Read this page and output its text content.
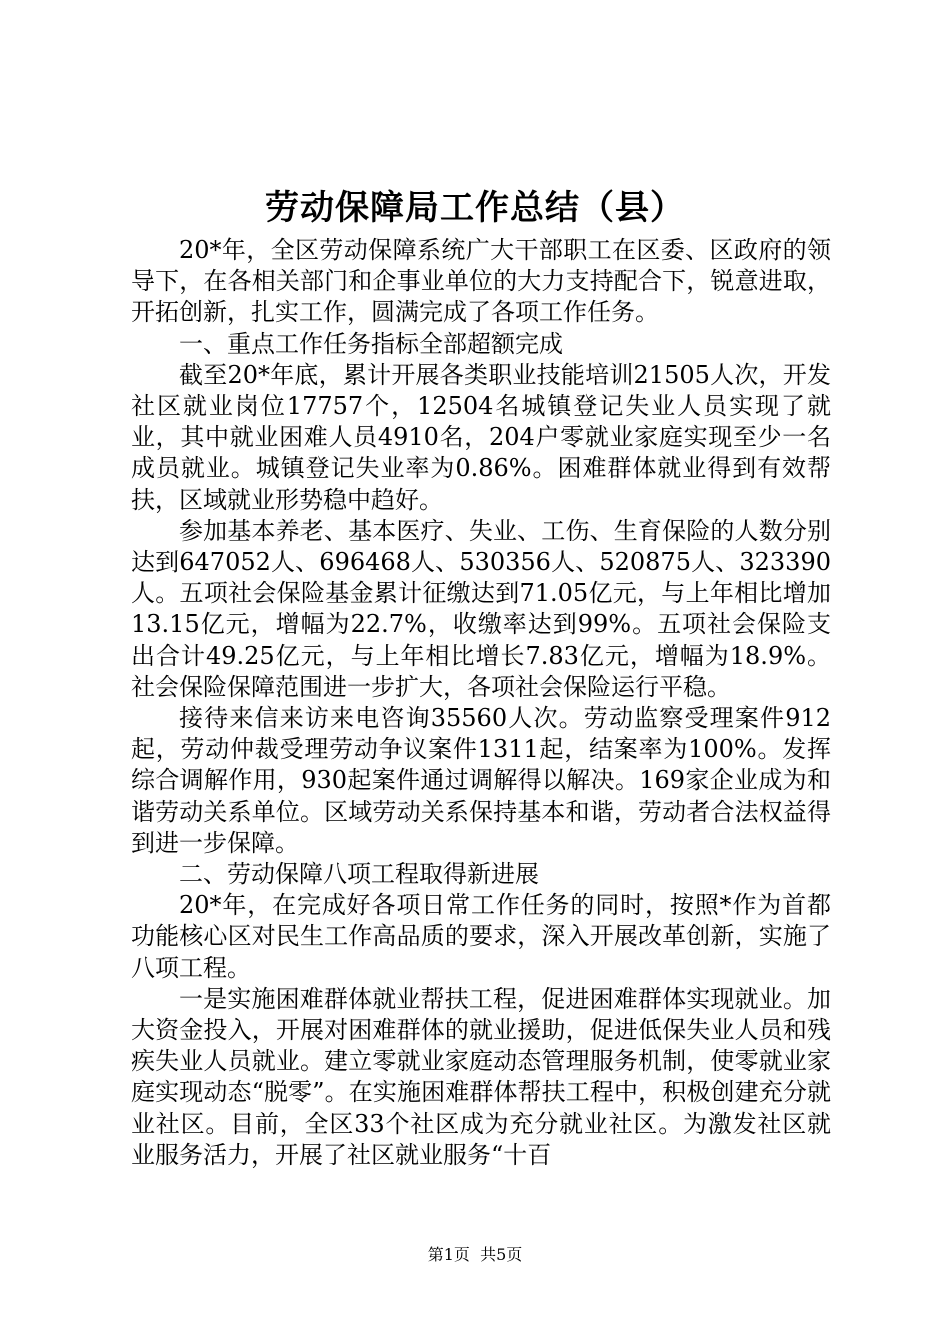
劳动保障局工作总结（县）

20*年，全区劳动保障系统广大干部职工在区委、区政府的领导下，在各相关部门和企事业单位的大力支持配合下，锐意进取，开拓创新，扎实工作，圆满完成了各项工作任务。

一、重点工作任务指标全部超额完成

截至20*年底，累计开展各类职业技能培训21505人次，开发社区就业岗位17757个，12504名城镇登记失业人员实现了就业，其中就业困难人员4910名，204户零就业家庭实现至少一名成员就业。城镇登记失业率为0.86%。困难群体就业得到有效帮扶，区域就业形势稳中趋好。

参加基本养老、基本医疗、失业、工伤、生育保险的人数分别达到647052人、696468人、530356人、520875人、323390人。五项社会保险基金累计征缴达到71.05亿元，与上年相比增加13.15亿元，增幅为22.7%，收缴率达到99%。五项社会保险支出合计49.25亿元，与上年相比增长7.83亿元，增幅为18.9%。社会保险保障范围进一步扩大，各项社会保险运行平稳。

接待来信来访来电咨询35560人次。劳动监察受理案件912起，劳动仲裁受理劳动争议案件1311起，结案率为100%。发挥综合调解作用，930起案件通过调解得以解决。169家企业成为和谐劳动关系单位。区域劳动关系保持基本和谐，劳动者合法权益得到进一步保障。

二、劳动保障八项工程取得新进展

20*年，在完成好各项日常工作任务的同时，按照*作为首都功能核心区对民生工作高品质的要求，深入开展改革创新，实施了八项工程。

一是实施困难群体就业帮扶工程，促进困难群体实现就业。加大资金投入，开展对困难群体的就业援助，促进低保失业人员和残疾失业人员就业。建立零就业家庭动态管理服务机制，使零就业家庭实现动态“脱零”。在实施困难群体帮扶工程中，积极创建充分就业社区。目前，全区33个社区成为充分就业社区。为激发社区就业服务活力，开展了社区就业服务“十百

第1页 共5页
